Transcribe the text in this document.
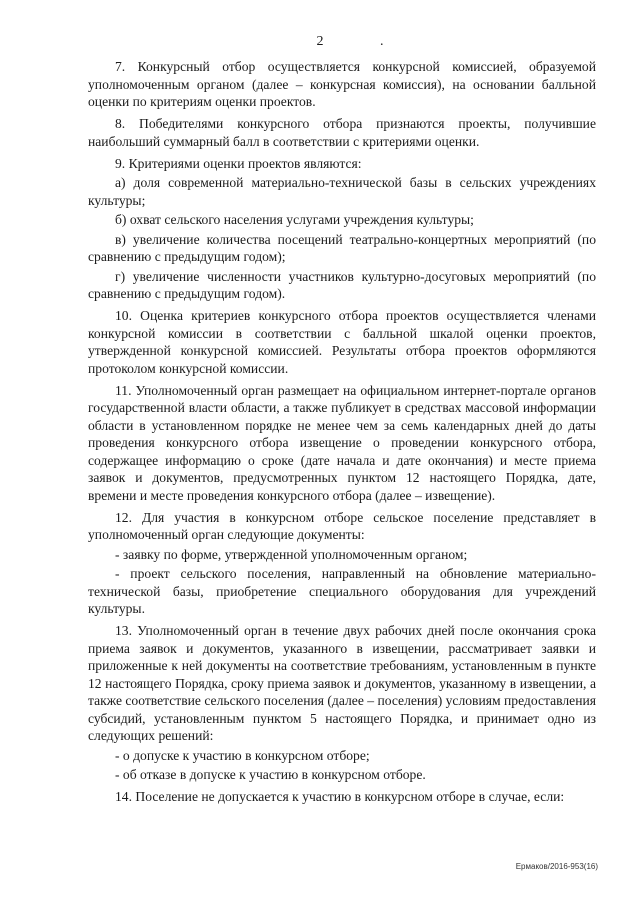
2	.

7. Конкурсный отбор осуществляется конкурсной комиссией, образуемой уполномоченным органом (далее – конкурсная комиссия), на основании балльной оценки по критериям оценки проектов.

8. Победителями конкурсного отбора признаются проекты, получившие наибольший суммарный балл в соответствии с критериями оценки.

9. Критериями оценки проектов являются:

а) доля современной материально-технической базы в сельских учреждениях культуры;

б) охват сельского населения услугами учреждения культуры;

в) увеличение количества посещений театрально-концертных мероприятий (по сравнению с предыдущим годом);

г) увеличение численности участников культурно-досуговых мероприятий (по сравнению с предыдущим годом).

10. Оценка критериев конкурсного отбора проектов осуществляется членами конкурсной комиссии в соответствии с балльной шкалой оценки проектов, утвержденной конкурсной комиссией. Результаты отбора проектов оформляются протоколом конкурсной комиссии.

11. Уполномоченный орган размещает на официальном интернет-портале органов государственной власти области, а также публикует в средствах массовой информации области в установленном порядке не менее чем за семь календарных дней до даты проведения конкурсного отбора извещение о проведении конкурсного отбора, содержащее информацию о сроке (дате начала и дате окончания) и месте приема заявок и документов, предусмотренных пунктом 12 настоящего Порядка, дате, времени и месте проведения конкурсного отбора (далее – извещение).

12. Для участия в конкурсном отборе сельское поселение представляет в уполномоченный орган следующие документы:

- заявку по форме, утвержденной уполномоченным органом;

- проект сельского поселения, направленный на обновление материально-технической базы, приобретение специального оборудования для учреждений культуры.

13. Уполномоченный орган в течение двух рабочих дней после окончания срока приема заявок и документов, указанного в извещении, рассматривает заявки и приложенные к ней документы на соответствие требованиям, установленным в пункте 12 настоящего Порядка, сроку приема заявок и документов, указанному в извещении, а также соответствие сельского поселения (далее – поселения) условиям предоставления субсидий, установленным пунктом 5 настоящего Порядка, и принимает одно из следующих решений:

- о допуске к участию в конкурсном отборе;

- об отказе в допуске к участию в конкурсном отборе.

14. Поселение не допускается к участию в конкурсном отборе в случае, если:

Ермаков/2016-953(16)
